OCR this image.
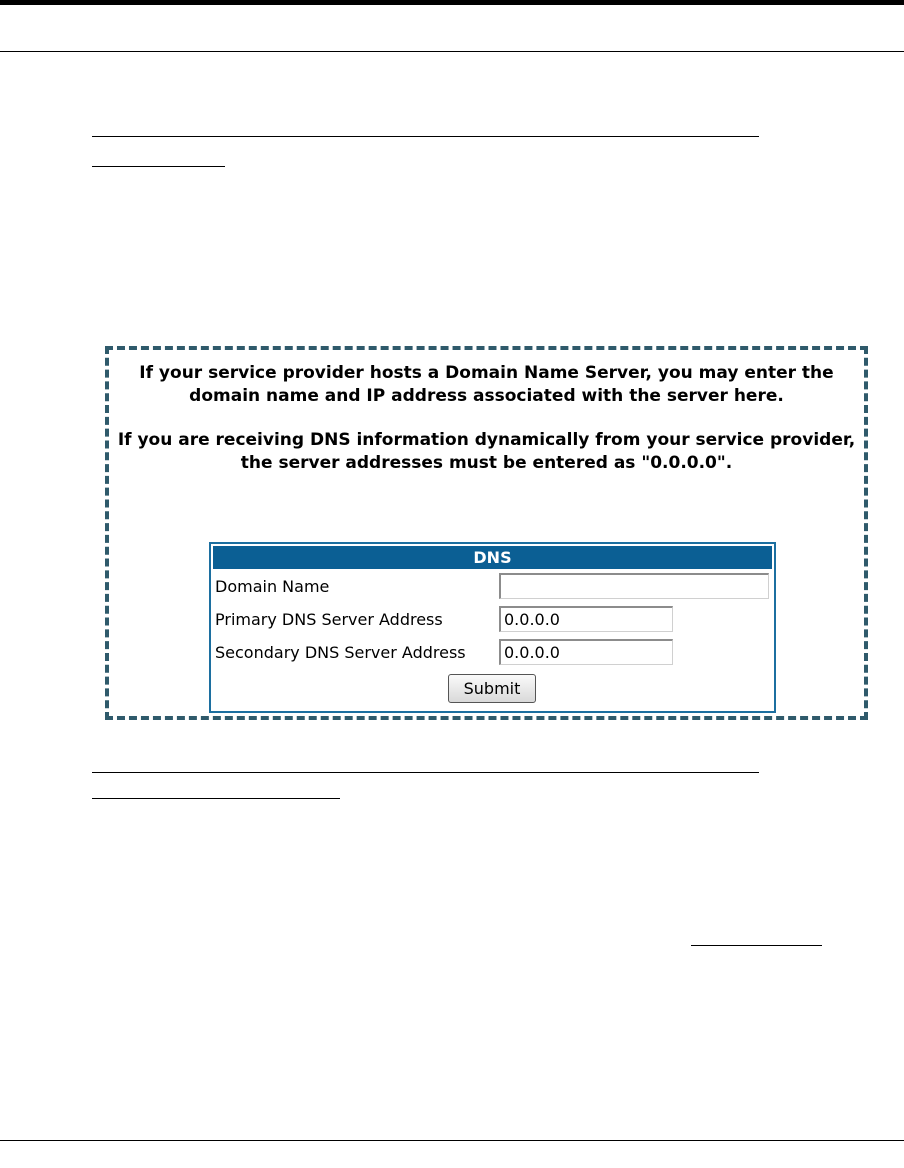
If your service provider hosts a Domain Name Server, you may enter the domain name and IP address associated with the server here.
If you are receiving DNS information dynamically from your service provider, the server addresses must be entered as "0.0.0.0".
DNS
Domain Name
Primary DNS Server Address
0.0.0.0
Secondary DNS Server Address
0.0.0.0
Submit
